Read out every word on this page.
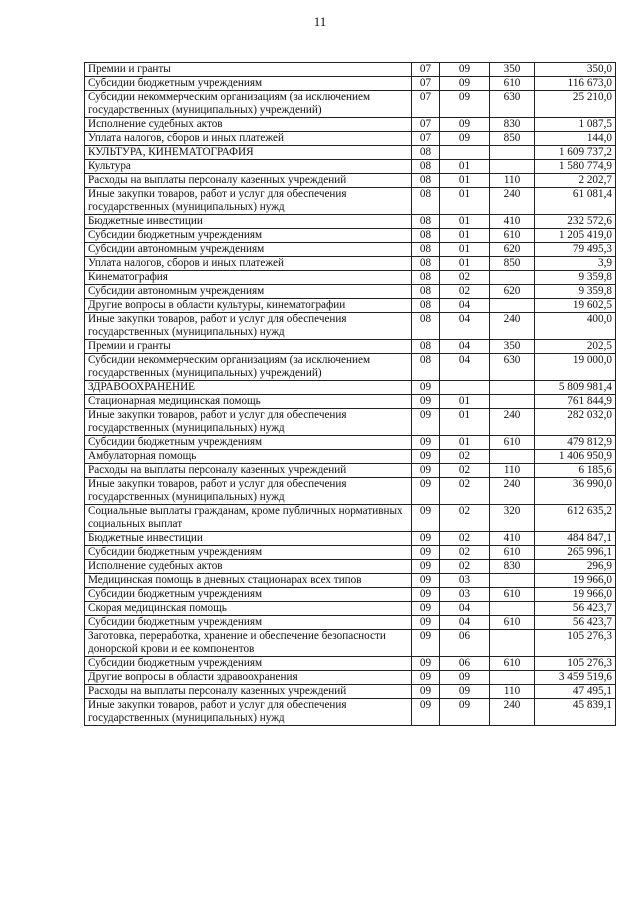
11
Премии и гранты	07	09	350	350,0
Субсидии бюджетным учреждениям	07	09	610	116 673,0
Субсидии некоммерческим организациям (за исключением государственных (муниципальных) учреждений)	07	09	630	25 210,0
Исполнение судебных актов	07	09	830	1 087,5
Уплата налогов, сборов и иных платежей	07	09	850	144,0
КУЛЬТУРА, КИНЕМАТОГРАФИЯ	08			1 609 737,2
Культура	08	01		1 580 774,9
Расходы на выплаты персоналу казенных учреждений	08	01	110	2 202,7
Иные закупки товаров, работ и услуг для обеспечения государственных (муниципальных) нужд	08	01	240	61 081,4
Бюджетные инвестиции	08	01	410	232 572,6
Субсидии бюджетным учреждениям	08	01	610	1 205 419,0
Субсидии автономным учреждениям	08	01	620	79 495,3
Уплата налогов, сборов и иных платежей	08	01	850	3,9
Кинематография	08	02		9 359,8
Субсидии автономным учреждениям	08	02	620	9 359,8
Другие вопросы в области культуры, кинематографии	08	04		19 602,5
Иные закупки товаров, работ и услуг для обеспечения государственных (муниципальных) нужд	08	04	240	400,0
Премии и гранты	08	04	350	202,5
Субсидии некоммерческим организациям (за исключением государственных (муниципальных) учреждений)	08	04	630	19 000,0
ЗДРАВООХРАНЕНИЕ	09			5 809 981,4
Стационарная медицинская помощь	09	01		761 844,9
Иные закупки товаров, работ и услуг для обеспечения государственных (муниципальных) нужд	09	01	240	282 032,0
Субсидии бюджетным учреждениям	09	01	610	479 812,9
Амбулаторная помощь	09	02		1 406 950,9
Расходы на выплаты персоналу казенных учреждений	09	02	110	6 185,6
Иные закупки товаров, работ и услуг для обеспечения государственных (муниципальных) нужд	09	02	240	36 990,0
Социальные выплаты гражданам, кроме публичных нормативных социальных выплат	09	02	320	612 635,2
Бюджетные инвестиции	09	02	410	484 847,1
Субсидии бюджетным учреждениям	09	02	610	265 996,1
Исполнение судебных актов	09	02	830	296,9
Медицинская помощь в дневных стационарах всех типов	09	03		19 966,0
Субсидии бюджетным учреждениям	09	03	610	19 966,0
Скорая медицинская помощь	09	04		56 423,7
Субсидии бюджетным учреждениям	09	04	610	56 423,7
Заготовка, переработка, хранение и обеспечение безопасности донорской крови и ее компонентов	09	06		105 276,3
Субсидии бюджетным учреждениям	09	06	610	105 276,3
Другие вопросы в области здравоохранения	09	09		3 459 519,6
Расходы на выплаты персоналу казенных учреждений	09	09	110	47 495,1
Иные закупки товаров, работ и услуг для обеспечения государственных (муниципальных) нужд	09	09	240	45 839,1
